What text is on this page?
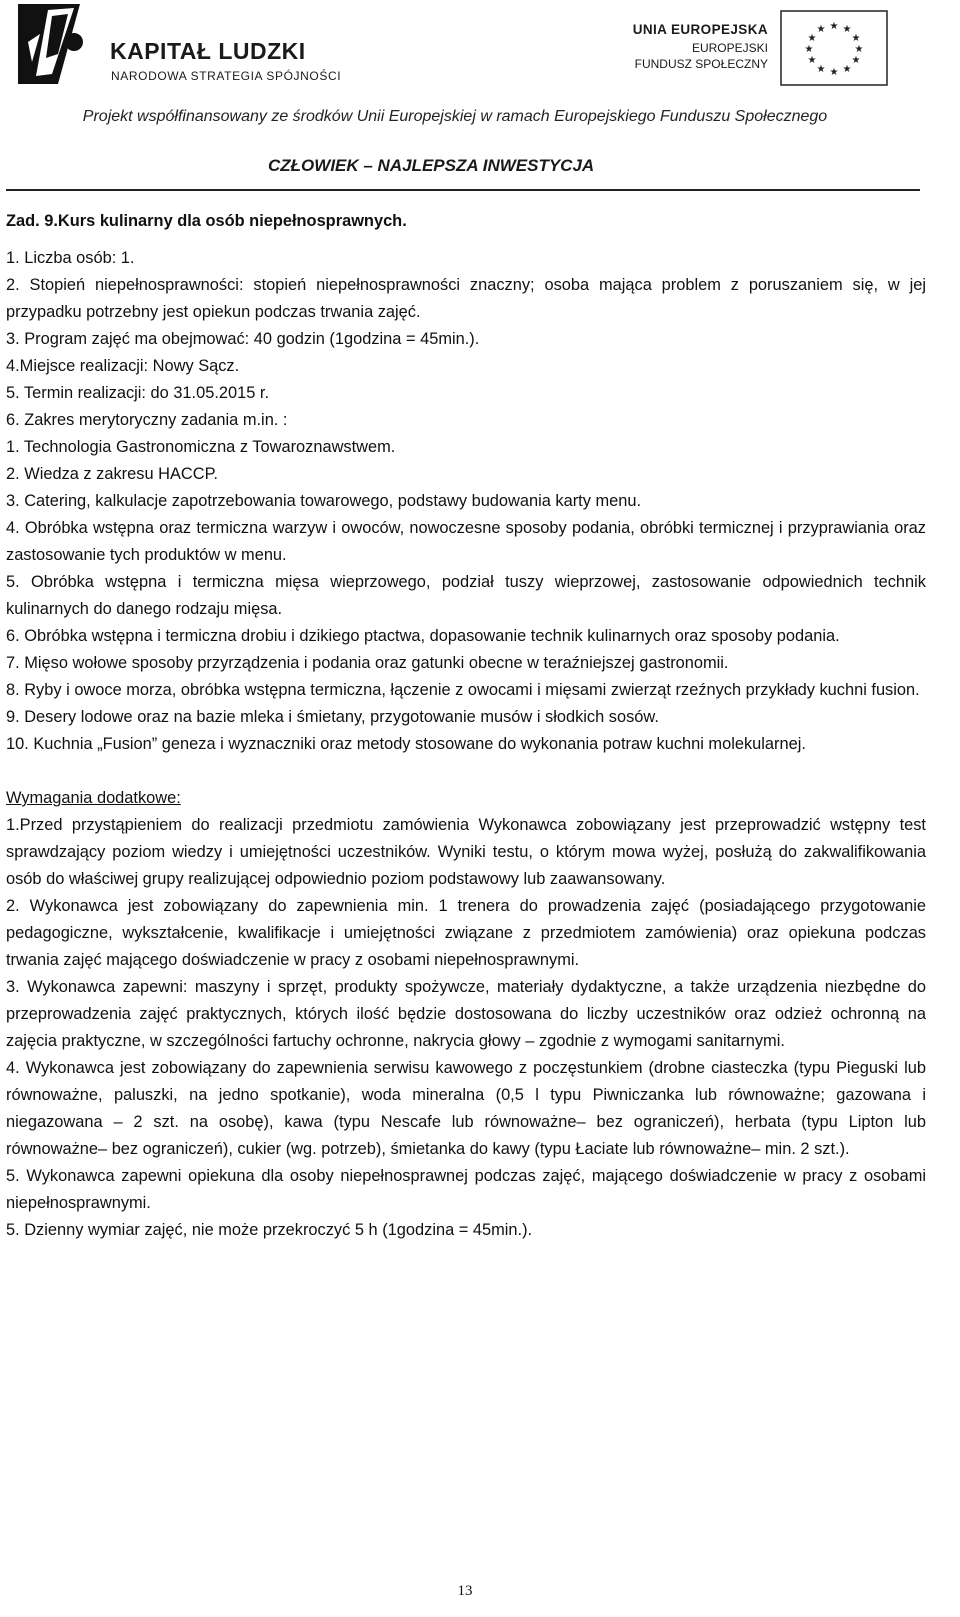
KAPITAŁ LUDZKI
NARODOWA STRATEGIA SPÓJNOŚCI
UNIA EUROPEJSKA
EUROPEJSKI
FUNDUSZ SPOŁECZNY
★ ★
★
★
★
★
★
★
★
★
★
★
Projekt współfinansowany ze środków Unii Europejskiej w ramach Europejskiego Funduszu Społecznego
CZŁOWIEK – NAJLEPSZA INWESTYCJA

Zad. 9.Kurs kulinarny dla osób niepełnosprawnych.

1. Liczba osób: 1.

2. Stopień niepełnosprawności: stopień niepełnosprawności znaczny; osoba mająca problem z poruszaniem się, w jej przypadku potrzebny jest opiekun podczas trwania zajęć.

3. Program zajęć ma obejmować: 40 godzin (1godzina = 45min.).

4.Miejsce realizacji: Nowy Sącz.

5. Termin realizacji: do 31.05.2015 r.

6. Zakres merytoryczny zadania m.in. :

1. Technologia Gastronomiczna z Towaroznawstwem.

2. Wiedza z zakresu HACCP.

3. Catering, kalkulacje zapotrzebowania towarowego, podstawy budowania karty menu.

4. Obróbka wstępna oraz termiczna warzyw i owoców, nowoczesne sposoby podania, obróbki termicznej i przyprawiania oraz zastosowanie tych produktów w menu.

5. Obróbka wstępna i termiczna mięsa wieprzowego, podział tuszy wieprzowej, zastosowanie odpowiednich technik kulinarnych do danego rodzaju mięsa.

6. Obróbka wstępna i termiczna drobiu i dzikiego ptactwa, dopasowanie technik kulinarnych oraz sposoby podania.

7. Mięso wołowe sposoby przyrządzenia i podania oraz gatunki obecne w teraźniejszej gastronomii.

8. Ryby i owoce morza, obróbka wstępna termiczna, łączenie z owocami i mięsami zwierząt rzeźnych przykłady kuchni fusion.

9. Desery lodowe oraz na bazie mleka i śmietany, przygotowanie musów i słodkich sosów.

10. Kuchnia „Fusion” geneza i wyznaczniki oraz metody stosowane do wykonania potraw kuchni molekularnej.

Wymagania dodatkowe:

1.Przed przystąpieniem do realizacji przedmiotu zamówienia Wykonawca zobowiązany jest przeprowadzić wstępny test sprawdzający poziom wiedzy i umiejętności uczestników. Wyniki testu, o którym mowa wyżej, posłużą do zakwalifikowania osób do właściwej grupy realizującej odpowiednio poziom podstawowy lub zaawansowany.

2. Wykonawca jest zobowiązany do zapewnienia min. 1 trenera do prowadzenia zajęć (posiadającego przygotowanie pedagogiczne, wykształcenie, kwalifikacje i umiejętności związane z przedmiotem zamówienia) oraz opiekuna podczas trwania zajęć mającego doświadczenie w pracy z osobami niepełnosprawnymi.

3. Wykonawca zapewni: maszyny i sprzęt, produkty spożywcze, materiały dydaktyczne, a także urządzenia niezbędne do przeprowadzenia zajęć praktycznych, których ilość będzie dostosowana do liczby uczestników oraz odzież ochronną na zajęcia praktyczne, w szczególności fartuchy ochronne, nakrycia głowy – zgodnie z wymogami sanitarnymi.

4. Wykonawca jest zobowiązany do zapewnienia serwisu kawowego z poczęstunkiem (drobne ciasteczka (typu Pieguski lub równoważne, paluszki, na jedno spotkanie), woda mineralna (0,5 l typu Piwniczanka lub równoważne; gazowana i niegazowana – 2 szt. na osobę), kawa (typu Nescafe lub równoważne– bez ograniczeń), herbata (typu Lipton lub równoważne– bez ograniczeń), cukier (wg. potrzeb), śmietanka do kawy (typu Łaciate lub równoważne– min. 2 szt.).

5. Wykonawca zapewni opiekuna dla osoby niepełnosprawnej podczas zajęć, mającego doświadczenie w pracy z osobami niepełnosprawnymi.

5. Dzienny wymiar zajęć, nie może przekroczyć 5 h (1godzina = 45min.).

13
